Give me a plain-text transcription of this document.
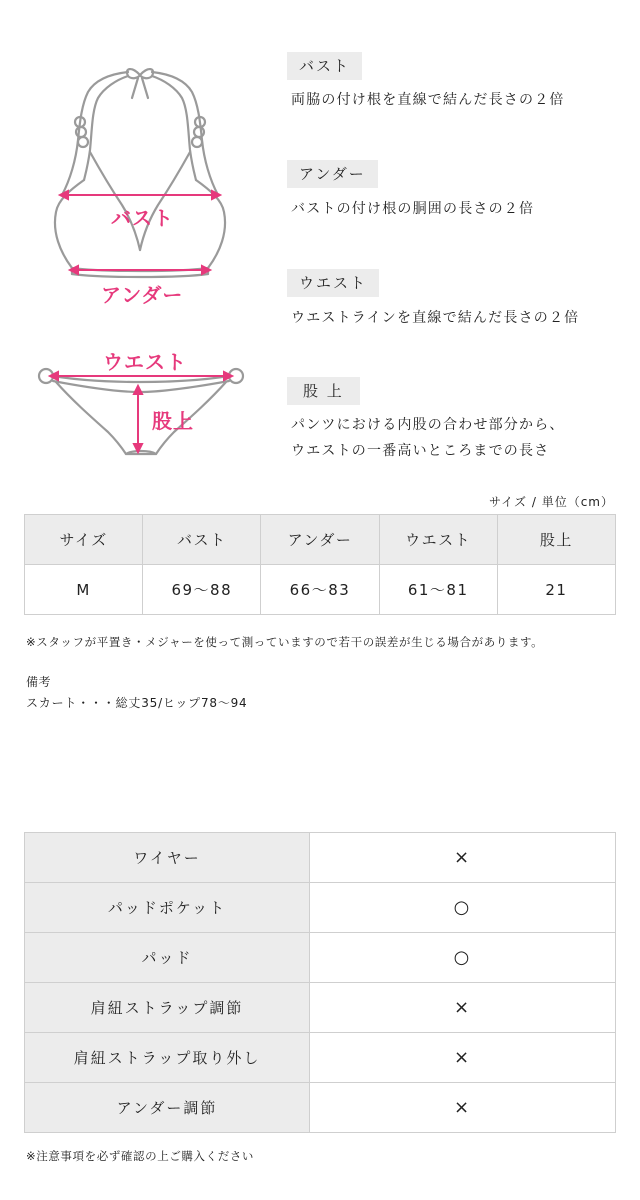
バスト
アンダー
ウエスト
股上
バスト
両脇の付け根を直線で結んだ長さの２倍
アンダー
バストの付け根の胴囲の長さの２倍
ウエスト
ウエストラインを直線で結んだ長さの２倍
股 上
パンツにおける内股の合わせ部分から、
ウエストの一番高いところまでの長さ
サイズ / 単位（cm）
サイズ	バスト	アンダー	ウエスト	股上
M	69～88	66～83	61～81	21
※スタッフが平置き・メジャーを使って測っていますので若干の誤差が生じる場合があります。
備考
スカート・・・総丈35/ヒップ78～94
ワイヤー	×
パッドポケット	○
パッド	○
肩紐ストラップ調節	×
肩紐ストラップ取り外し	×
アンダー調節	×
※注意事項を必ず確認の上ご購入ください
